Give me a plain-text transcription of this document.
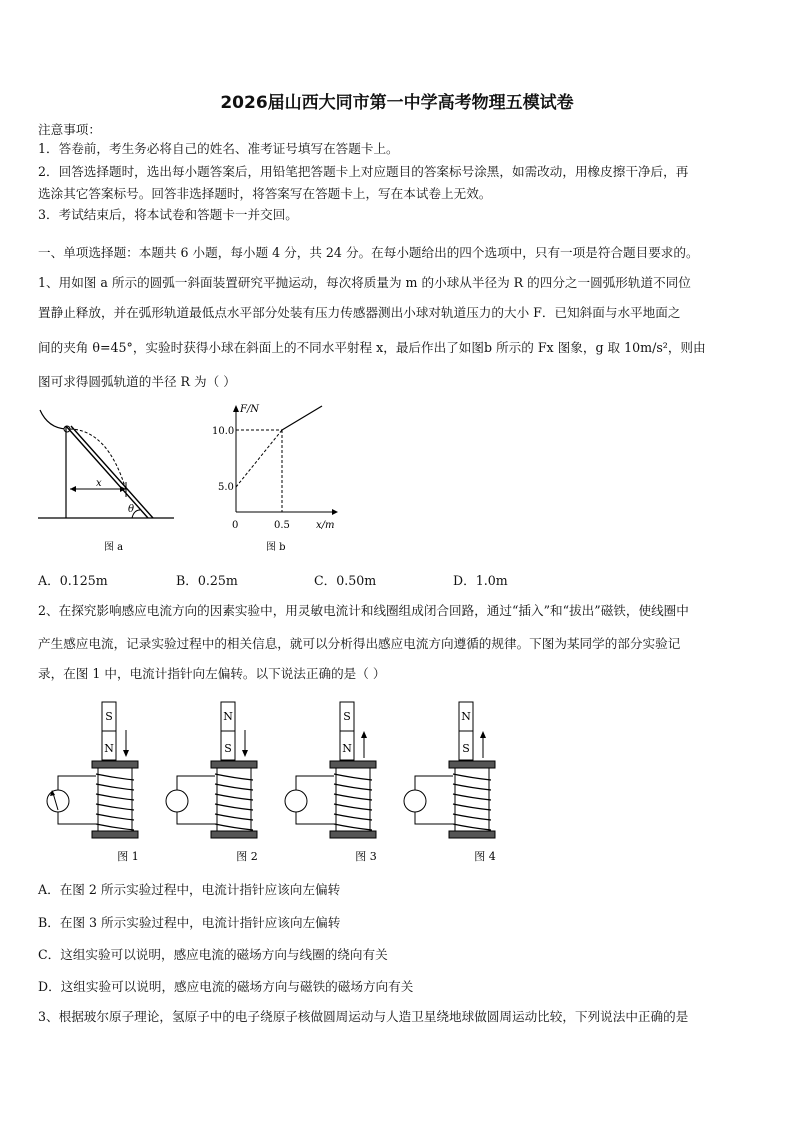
2026届山西大同市第一中学高考物理五模试卷
注意事项：
1．答卷前，考生务必将自己的姓名、准考证号填写在答题卡上。
2．回答选择题时，选出每小题答案后，用铅笔把答题卡上对应题目的答案标号涂黑，如需改动，用橡皮擦干净后，再
选涂其它答案标号。回答非选择题时，将答案写在答题卡上，写在本试卷上无效。
3．考试结束后，将本试卷和答题卡一并交回。
一、单项选择题：本题共 6 小题，每小题 4 分，共 24 分。在每小题给出的四个选项中，只有一项是符合题目要求的。
1、用如图 a 所示的圆弧一斜面装置研究平抛运动，每次将质量为 m 的小球从半径为 R 的四分之一圆弧形轨道不同位
置静止释放，并在弧形轨道最低点水平部分处装有压力传感器测出小球对轨道压力的大小 F．已知斜面与水平地面之
间的夹角 θ=45°，实验时获得小球在斜面上的不同水平射程 x，最后作出了如图b 所示的 Fx 图象，g 取 10m/s²，则由
图可求得圆弧轨道的半径 R 为（ ）
x
θ
图 a
F/N
x/m
10.0
5.0
0	0.5
图 b
A．0.125m	B．0.25m	C．0.50m	D．1.0m
2、在探究影响感应电流方向的因素实验中，用灵敏电流计和线圈组成闭合回路，通过“插入”和“拔出”磁铁，使线圈中
产生感应电流，记录实验过程中的相关信息，就可以分析得出感应电流方向遵循的规律。下图为某同学的部分实验记
录，在图 1 中，电流计指针向左偏转。以下说法正确的是（ ）
S
N
图 1
N
S
图 2
S
N
图 3
N
S
图 4
A．在图 2 所示实验过程中，电流计指针应该向左偏转
B．在图 3 所示实验过程中，电流计指针应该向左偏转
C．这组实验可以说明，感应电流的磁场方向与线圈的绕向有关
D．这组实验可以说明，感应电流的磁场方向与磁铁的磁场方向有关
3、根据玻尔原子理论，氢原子中的电子绕原子核做圆周运动与人造卫星绕地球做圆周运动比较，下列说法中正确的是
